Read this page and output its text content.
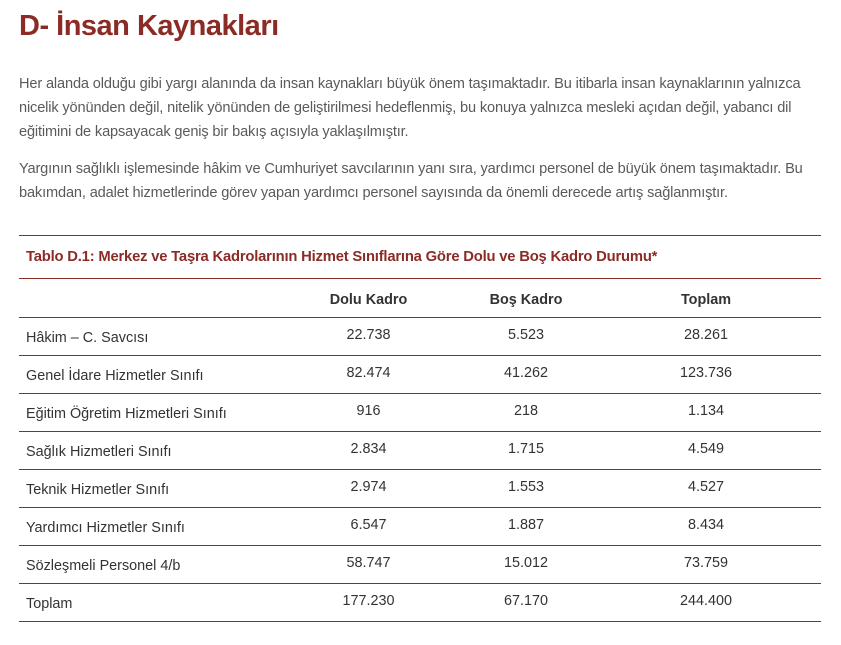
D- İnsan Kaynakları

Her alanda olduğu gibi yargı alanında da insan kaynakları büyük önem taşımaktadır. Bu itibarla insan kaynaklarının yalnızca nicelik yönünden değil, nitelik yönünden de geliştirilmesi hedeflenmiş, bu konuya yalnızca mesleki açıdan değil, yabancı dil eğitimini de kapsayacak geniş bir bakış açısıyla yaklaşılmıştır.

Yargının sağlıklı işlemesinde hâkim ve Cumhuriyet savcılarının yanı sıra, yardımcı personel de büyük önem taşımaktadır. Bu bakımdan, adalet hizmetlerinde görev yapan yardımcı personel sayısında da önemli derecede artış sağlanmıştır.

Tablo D.1: Merkez ve Taşra Kadrolarının Hizmet Sınıflarına Göre Dolu ve Boş Kadro Durumu*
	Dolu Kadro	Boş Kadro	Toplam
Hâkim – C. Savcısı	22.738	5.523	28.261
Genel İdare Hizmetler Sınıfı	82.474	41.262	123.736
Eğitim Öğretim Hizmetleri Sınıfı	916	218	1.134
Sağlık Hizmetleri Sınıfı	2.834	1.715	4.549
Teknik Hizmetler Sınıfı	2.974	1.553	4.527
Yardımcı Hizmetler Sınıfı	6.547	1.887	8.434
Sözleşmeli Personel 4/b	58.747	15.012	73.759
Toplam	177.230	67.170	244.400
